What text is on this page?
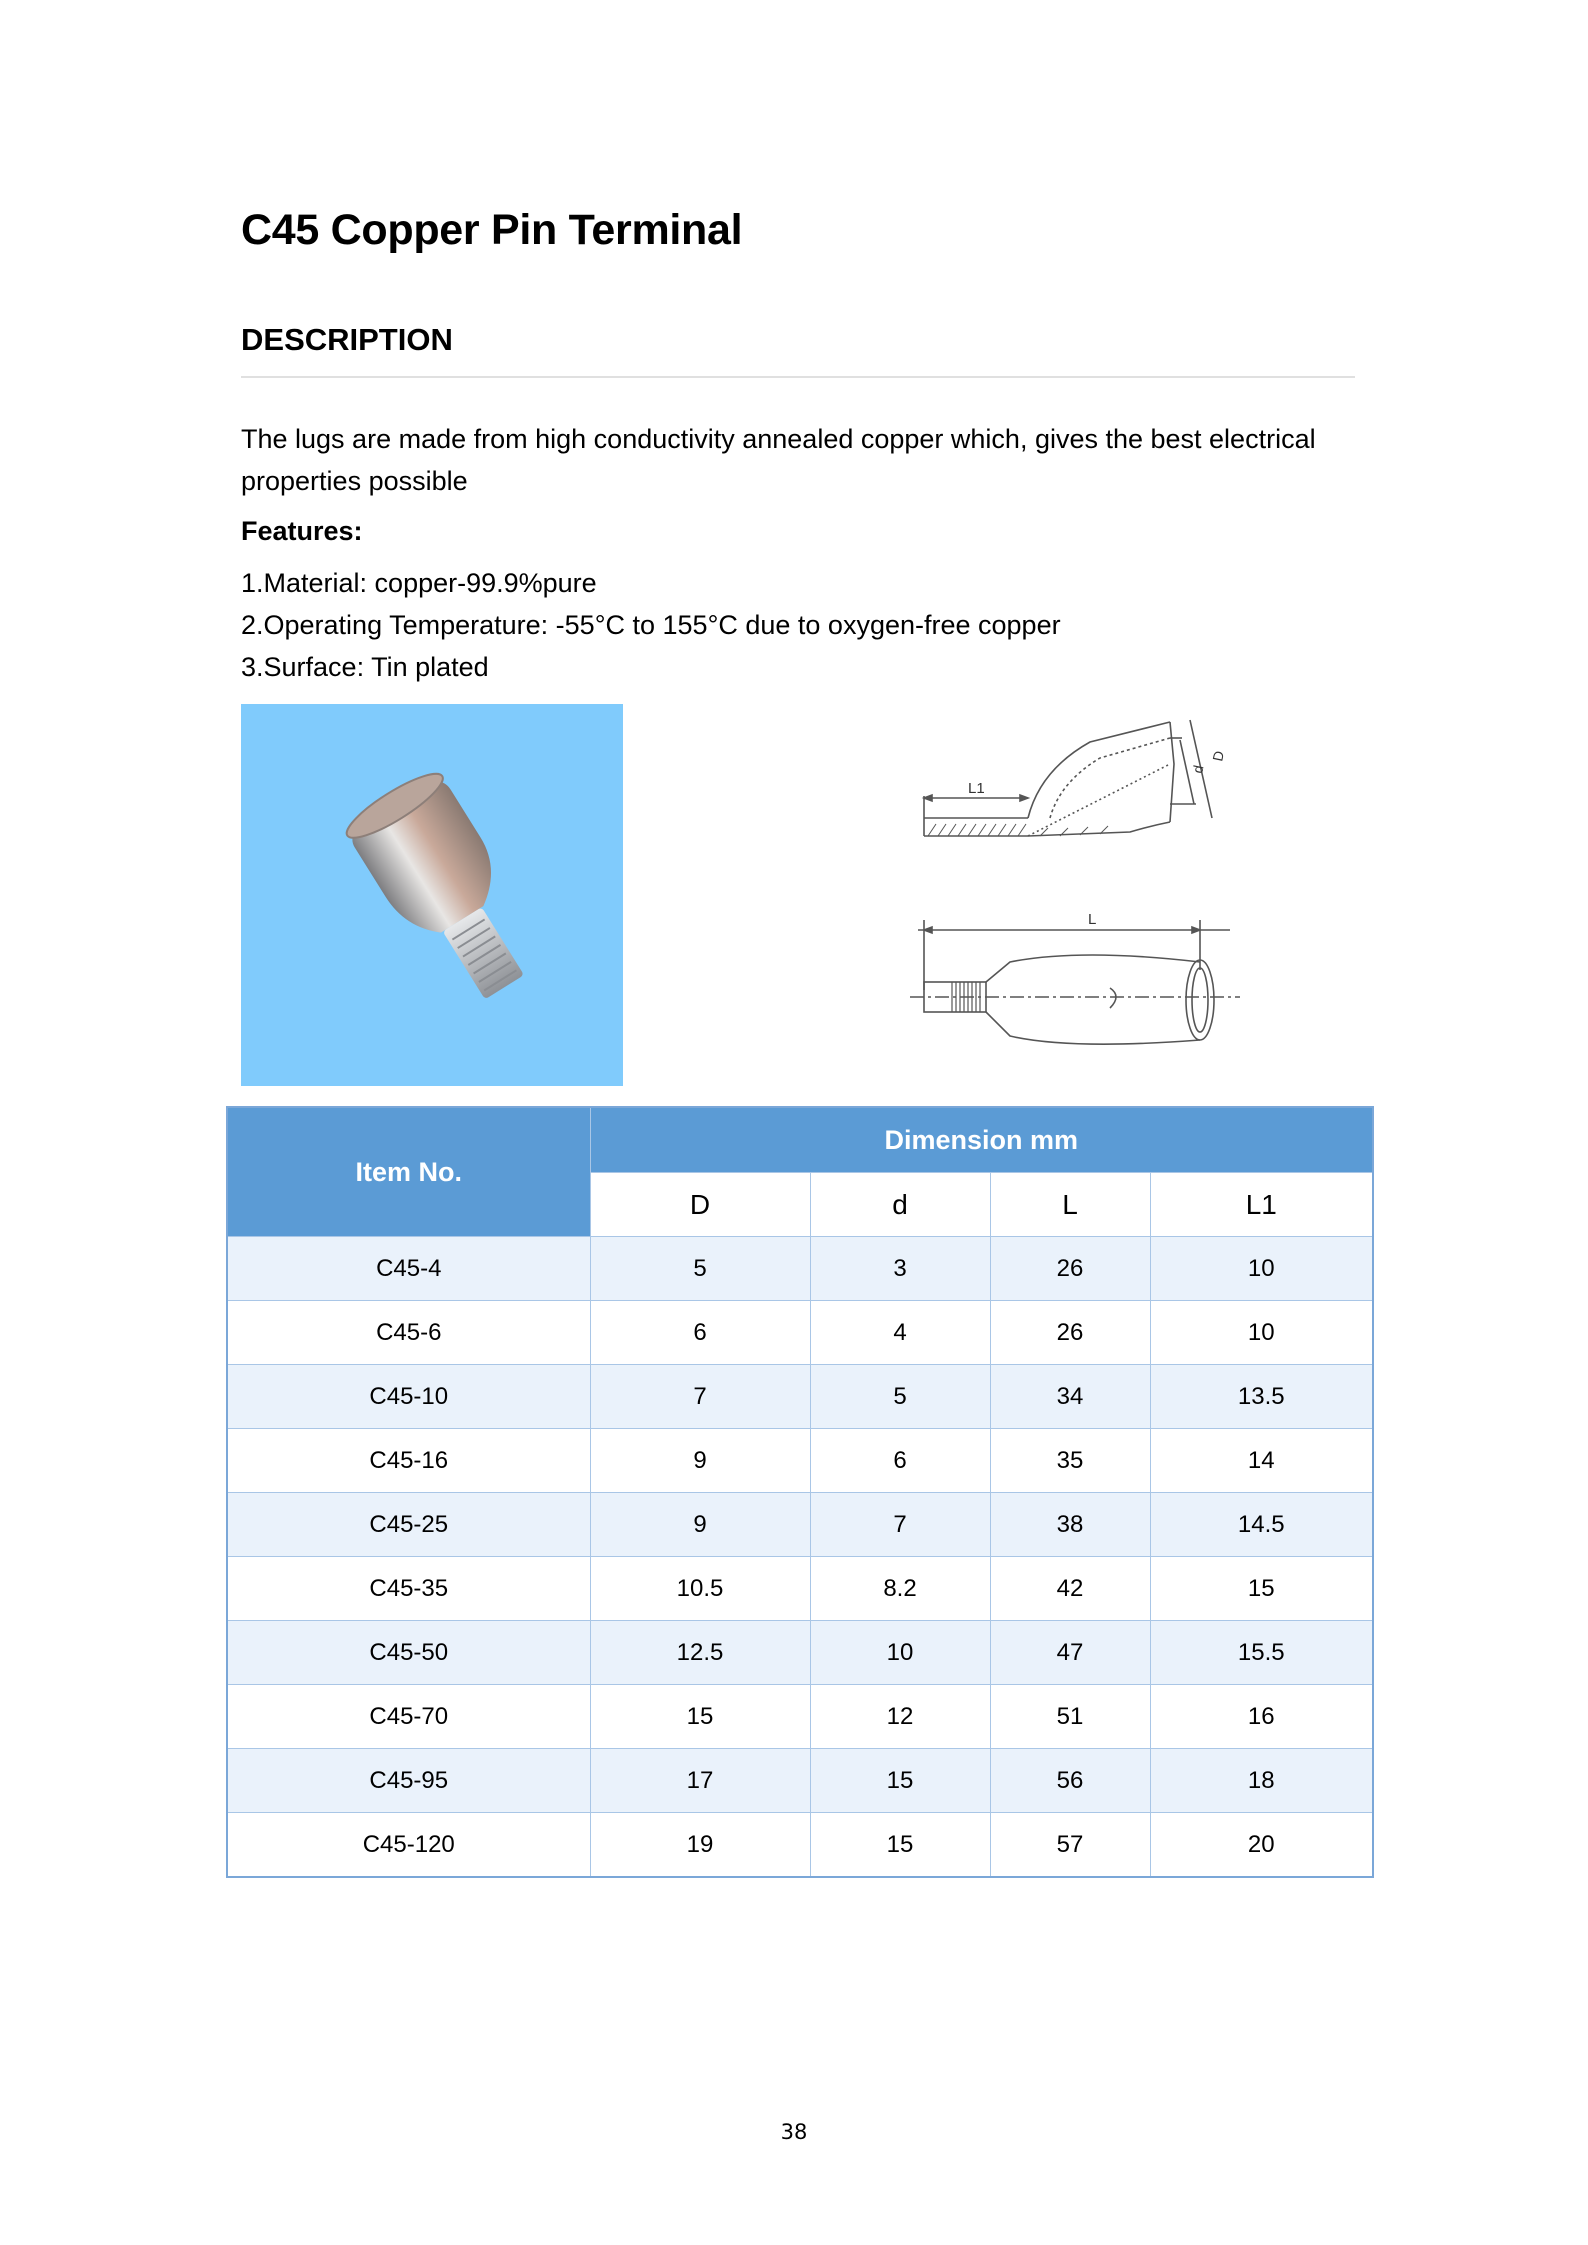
C45 Copper Pin Terminal
DESCRIPTION

The lugs are made from high conductivity annealed copper which, gives the best electrical properties possible

Features:
1.Material: copper-99.9%pure
2.Operating Temperature: -55°C to 155°C due to oxygen-free copper
3.Surface: Tin plated
L1
d
D
L
Item No.	Dimension mm			
	D	d	L	L1
C45-4	5	3	26	10
C45-6	6	4	26	10
C45-10	7	5	34	13.5
C45-16	9	6	35	14
C45-25	9	7	38	14.5
C45-35	10.5	8.2	42	15
C45-50	12.5	10	47	15.5
C45-70	15	12	51	16
C45-95	17	15	56	18
C45-120	19	15	57	20
38
